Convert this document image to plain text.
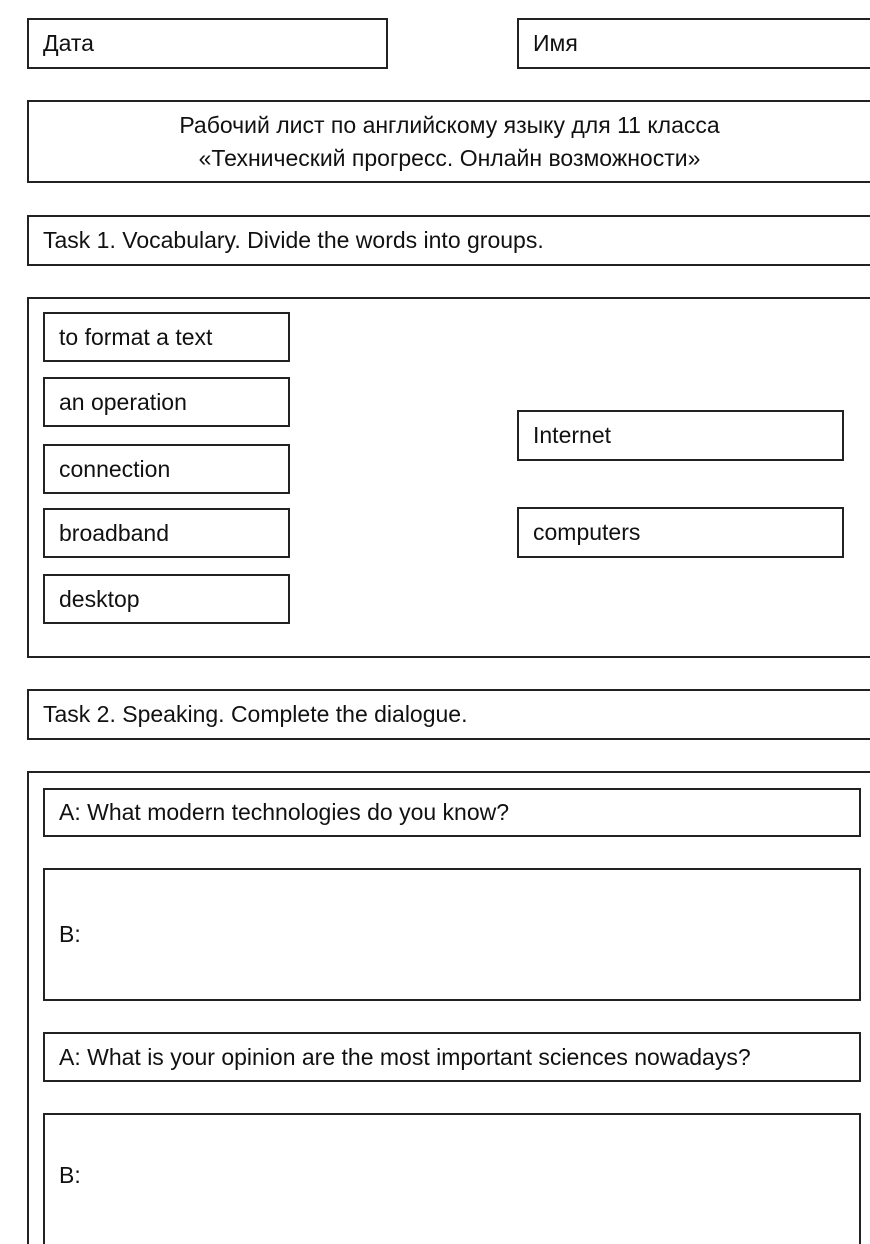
Дата	Имя
Рабочий лист по английскому языку для 11 класса
«Технический прогресс. Онлайн возможности»
Task 1. Vocabulary. Divide the words into groups.
to format a text
an operation
connection
broadband
desktop
Internet
computers
Task 2. Speaking. Complete the dialogue.
A: What modern technologies do you know?
B:
A: What is your opinion are the most important sciences nowadays?
B:
